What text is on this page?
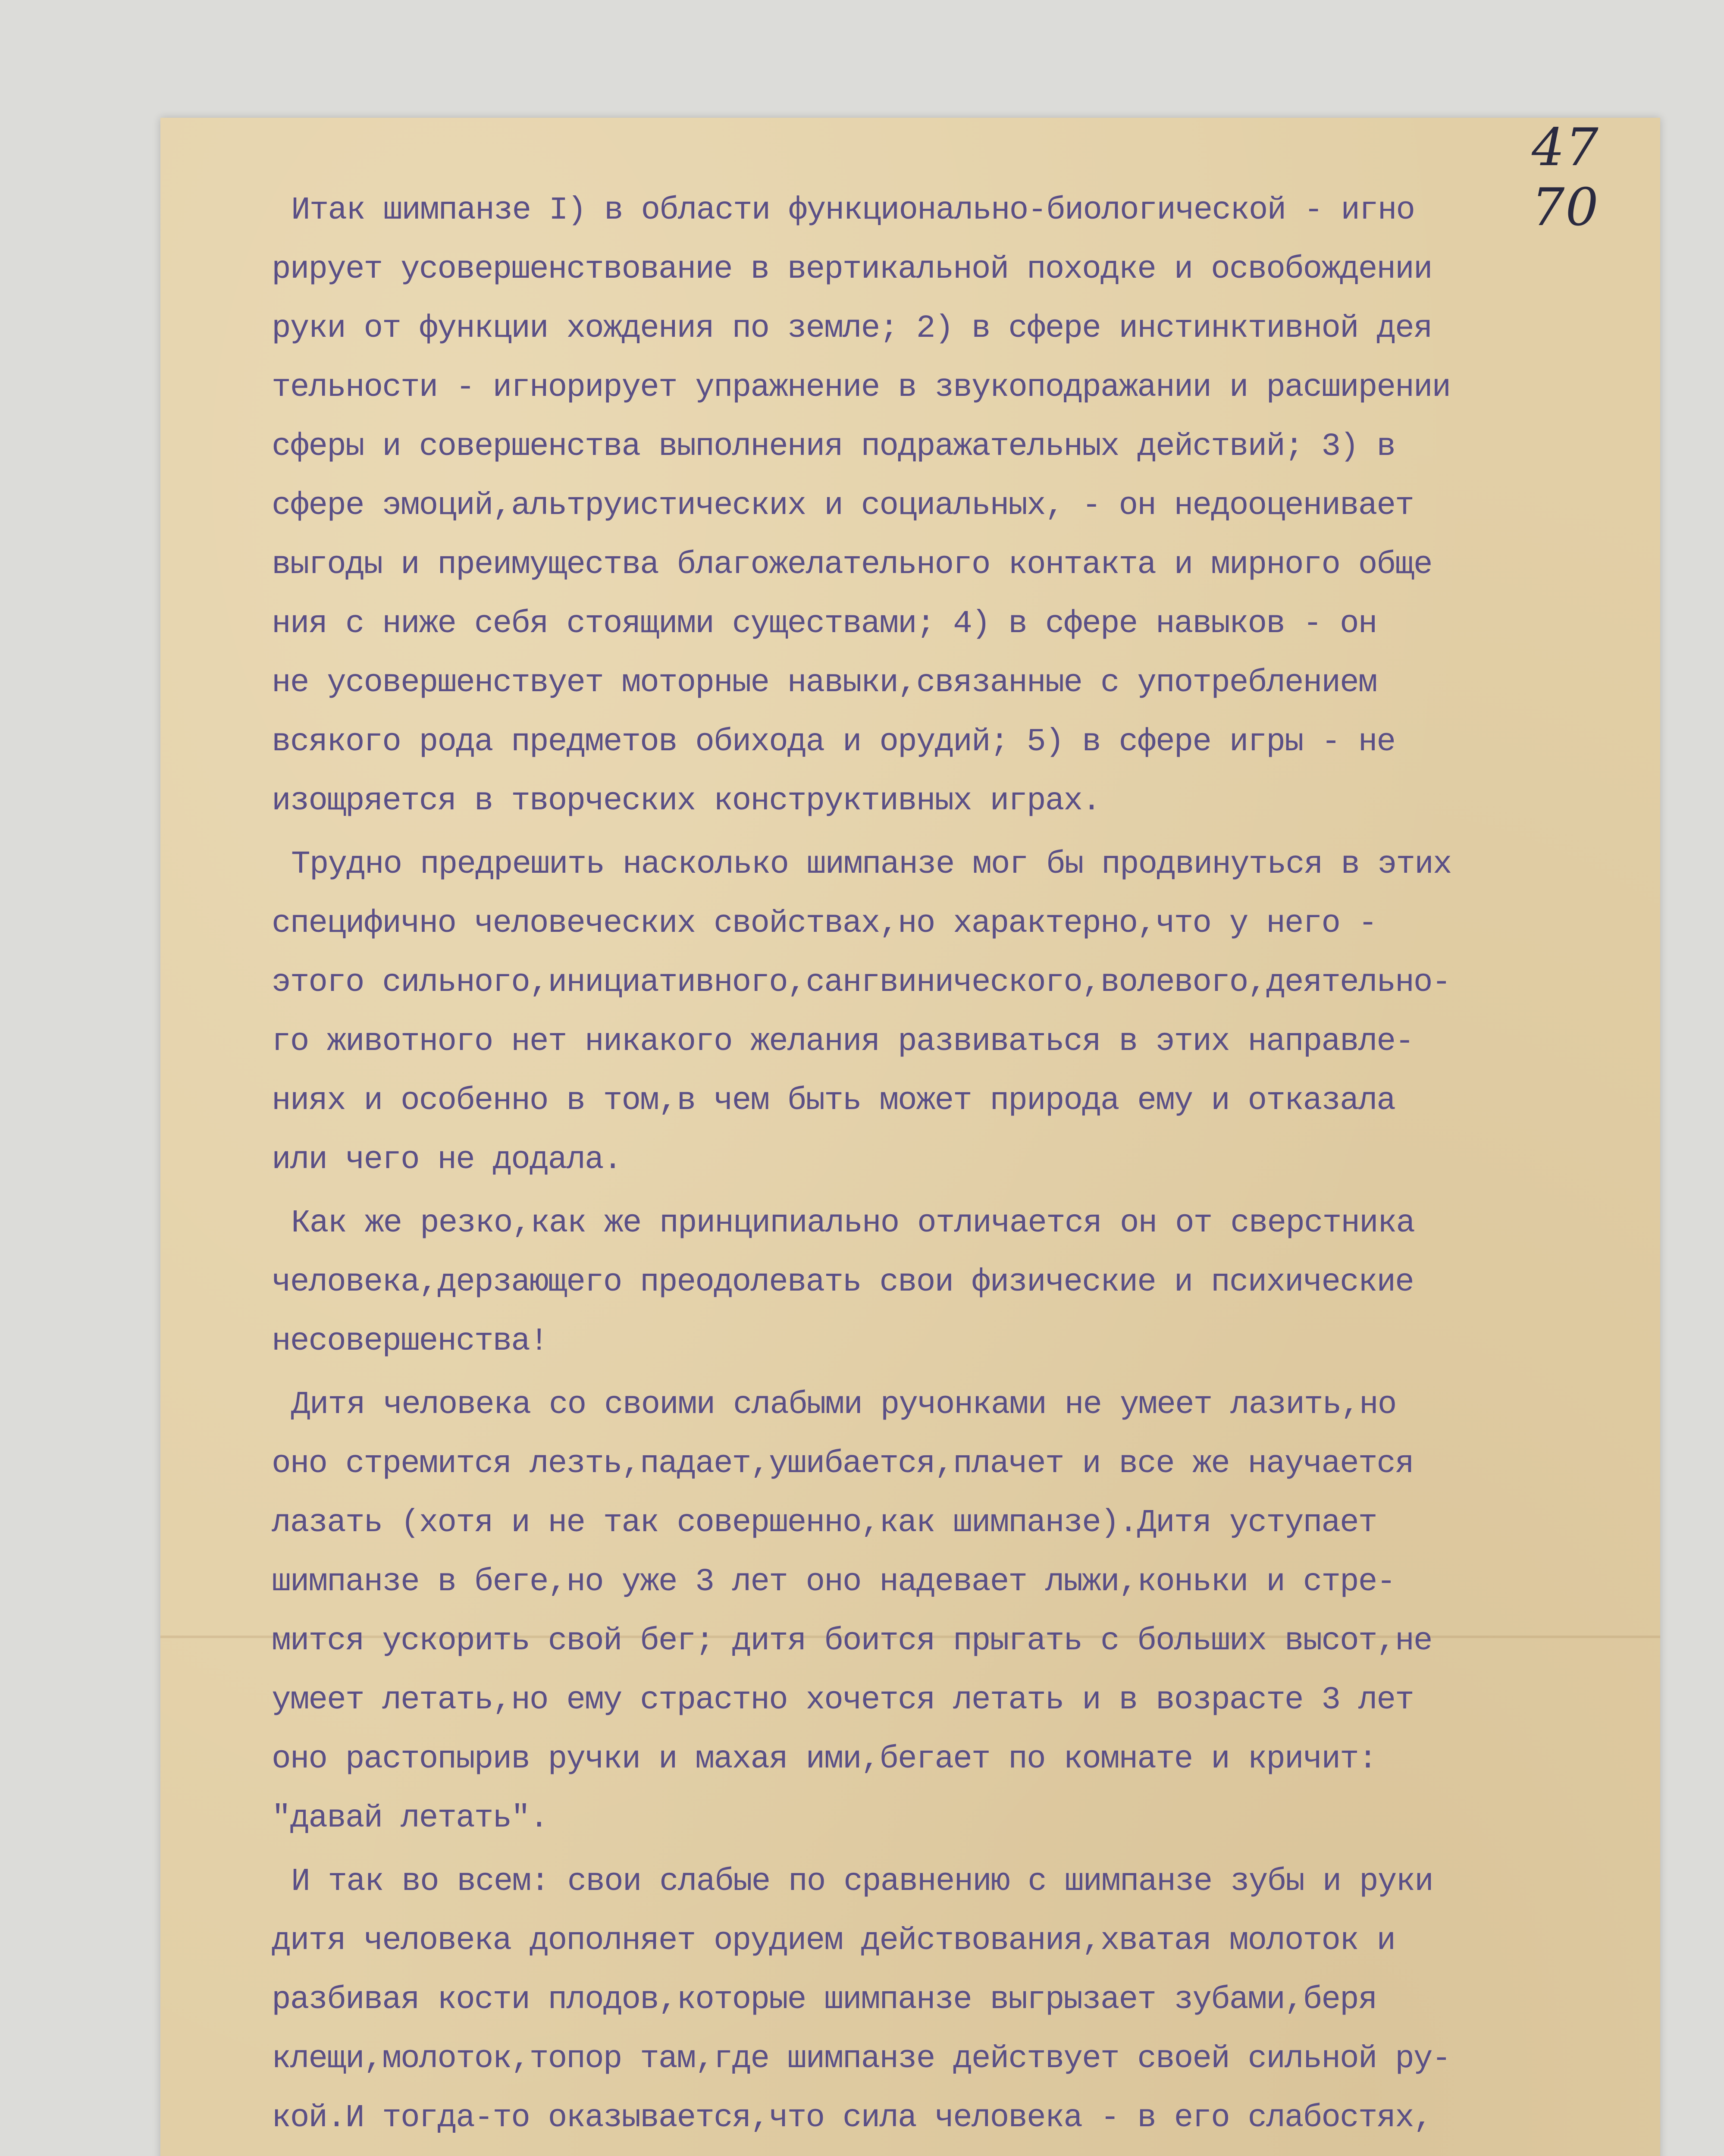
47 70
Итак шимпанзе I) в области функционально-биологической - игно
рирует усовершенствование в вертикальной походке и освобождении
руки от функции хождения по земле; 2) в сфере инстинктивной дея
тельности - игнорирует упражнение в звукоподражании и расширении
сферы и совершенства выполнения подражательных действий; 3) в
сфере эмоций,альтруистических и социальных, - он недооценивает
выгоды и преимущества благожелательного контакта и мирного обще
ния с ниже себя стоящими существами; 4) в сфере навыков - он
не усовершенствует моторные навыки,связанные с употреблением
всякого рода предметов обихода и орудий; 5) в сфере игры - не
изощряется в творческих конструктивных играх.
Трудно предрешить насколько шимпанзе мог бы продвинуться в этих
специфично человеческих свойствах,но характерно,что у него -
этого сильного,инициативного,сангвинического,волевого,деятельно-
го животного нет никакого желания развиваться в этих направле-
ниях и особенно в том,в чем быть может природа ему и отказала
или чего не додала.
Как же резко,как же принципиально отличается он от сверстника
человека,дерзающего преодолевать свои физические и психические
несовершенства!
Дитя человека со своими слабыми ручонками не умеет лазить,но
оно стремится лезть,падает,ушибается,плачет и все же научается
лазать (хотя и не так совершенно,как шимпанзе).Дитя уступает
шимпанзе в беге,но уже 3 лет оно надевает лыжи,коньки и стре-
мится ускорить свой бег; дитя боится прыгать с больших высот,не
умеет летать,но ему страстно хочется летать и в возрасте 3 лет
оно растопырив ручки и махая ими,бегает по комнате и кричит:
"давай летать".
И так во всем: свои слабые по сравнению с шимпанзе зубы и руки
дитя человека дополняет орудием действования,хватая молоток и
разбивая кости плодов,которые шимпанзе выгрызает зубами,беря
клещи,молоток,топор там,где шимпанзе действует своей сильной ру-
кой.И тогда-то оказывается,что сила человека - в его слабостях,
